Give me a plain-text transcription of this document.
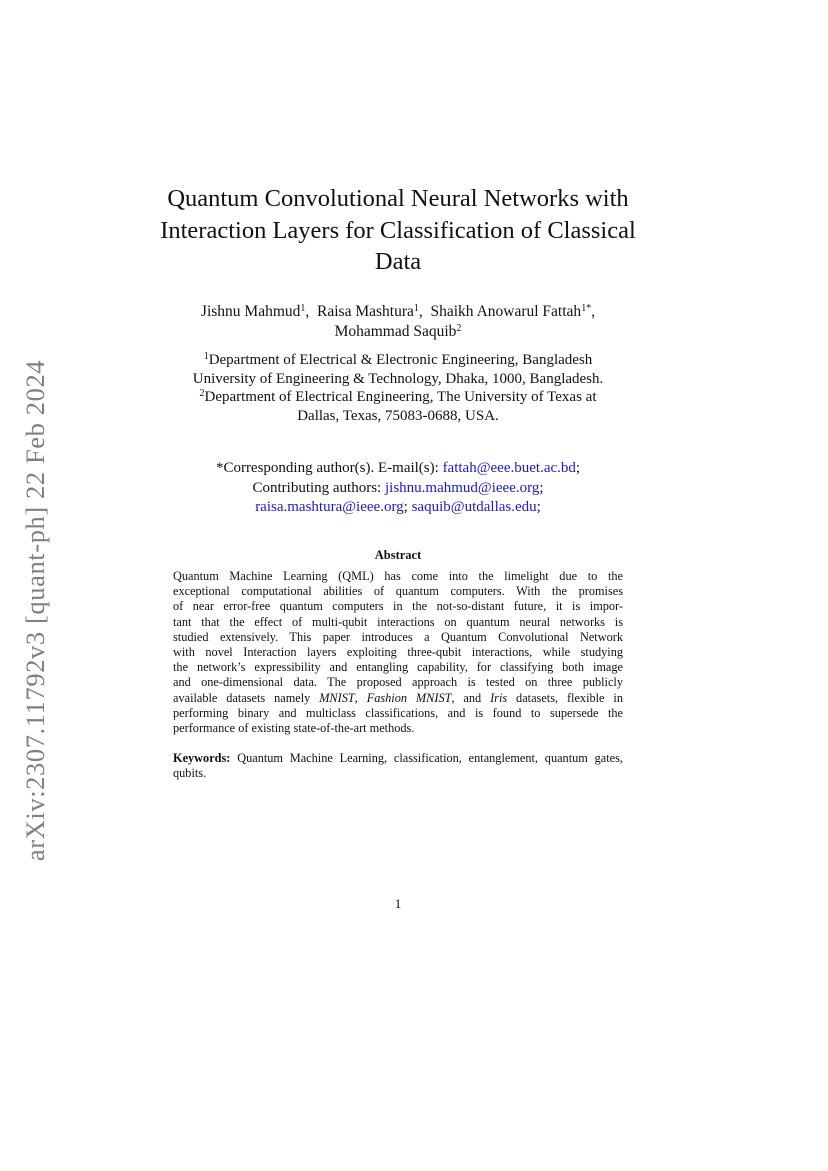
arXiv:2307.11792v3 [quant-ph] 22 Feb 2024
Quantum Convolutional Neural Networks with
Interaction Layers for Classification of Classical
Data
Jishnu Mahmud$^1$,  Raisa Mashtura$^1$,  Shaikh Anowarul Fattah$^{1*}$,
Mohammad Saquib$^2$
$^1$Department of Electrical & Electronic Engineering, Bangladesh
University of Engineering & Technology, Dhaka, 1000, Bangladesh.
$^2$Department of Electrical Engineering, The University of Texas at
Dallas, Texas, 75083-0688, USA.
*Corresponding author(s). E-mail(s): fattah@eee.buet.ac.bd;
Contributing authors: jishnu.mahmud@ieee.org;
raisa.mashtura@ieee.org; saquib@utdallas.edu;
Abstract
Quantum Machine Learning (QML) has come into the limelight due to the
exceptional computational abilities of quantum computers. With the promises
of near error-free quantum computers in the not-so-distant future, it is impor-
tant that the effect of multi-qubit interactions on quantum neural networks is
studied extensively. This paper introduces a Quantum Convolutional Network
with novel Interaction layers exploiting three-qubit interactions, while studying
the network’s expressibility and entangling capability, for classifying both image
and one-dimensional data. The proposed approach is tested on three publicly
available datasets namely MNIST, Fashion MNIST, and Iris datasets, flexible in
performing binary and multiclass classifications, and is found to supersede the
performance of existing state-of-the-art methods.
Keywords: Quantum Machine Learning, classification, entanglement, quantum gates,
qubits.
1
